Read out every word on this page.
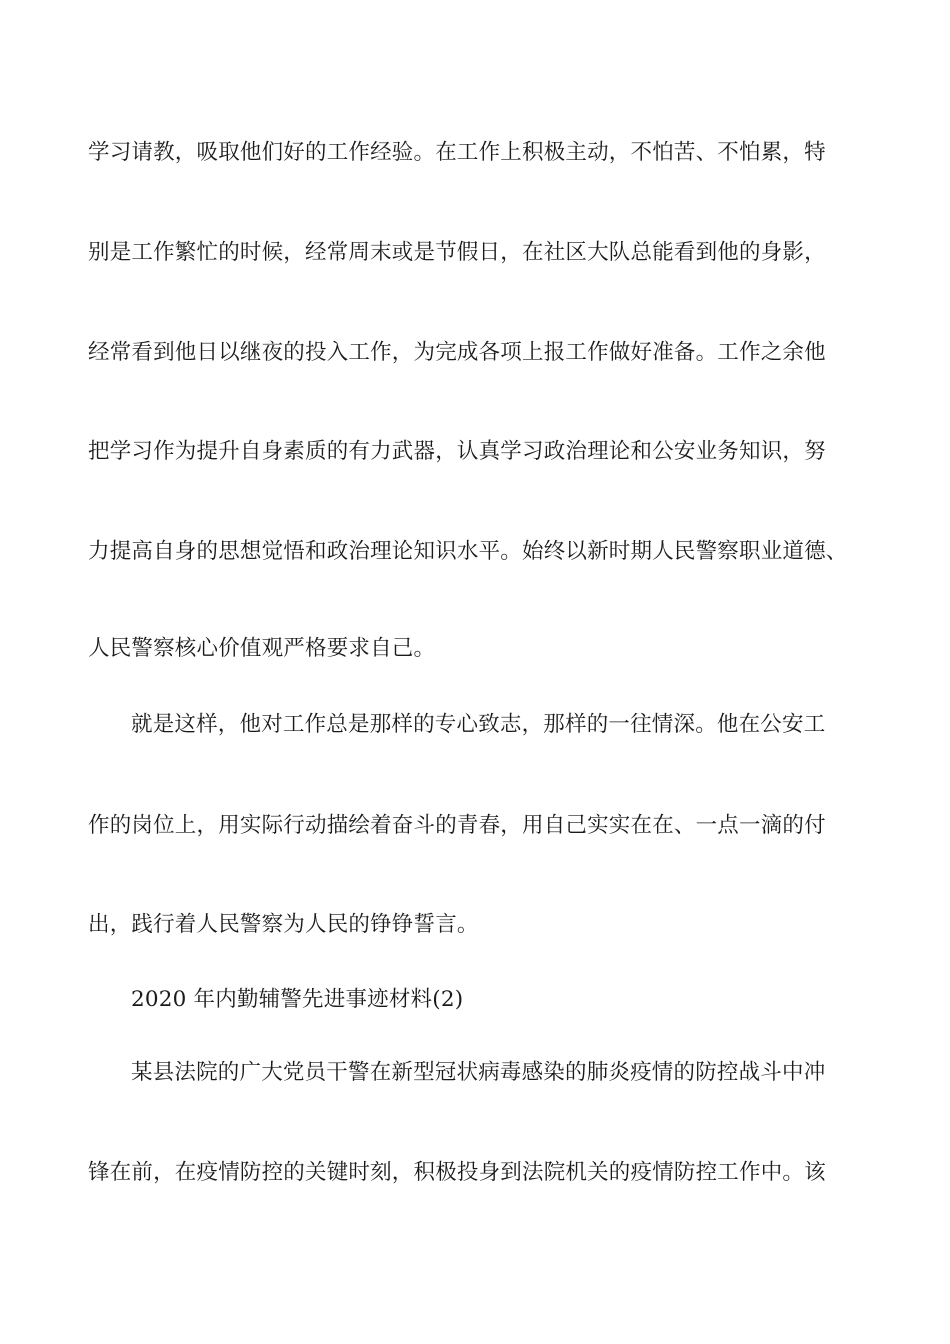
学习请教，吸取他们好的工作经验。在工作上积极主动，不怕苦、不怕累，特
别是工作繁忙的时候，经常周末或是节假日，在社区大队总能看到他的身影，
经常看到他日以继夜的投入工作，为完成各项上报工作做好准备。工作之余他
把学习作为提升自身素质的有力武器，认真学习政治理论和公安业务知识，努
力提高自身的思想觉悟和政治理论知识水平。始终以新时期人民警察职业道德、
人民警察核心价值观严格要求自己。
就是这样，他对工作总是那样的专心致志，那样的一往情深。他在公安工
作的岗位上，用实际行动描绘着奋斗的青春，用自己实实在在、一点一滴的付
出，践行着人民警察为人民的铮铮誓言。
2020 年内勤辅警先进事迹材料(2)
某县法院的广大党员干警在新型冠状病毒感染的肺炎疫情的防控战斗中冲
锋在前，在疫情防控的关键时刻，积极投身到法院机关的疫情防控工作中。该
